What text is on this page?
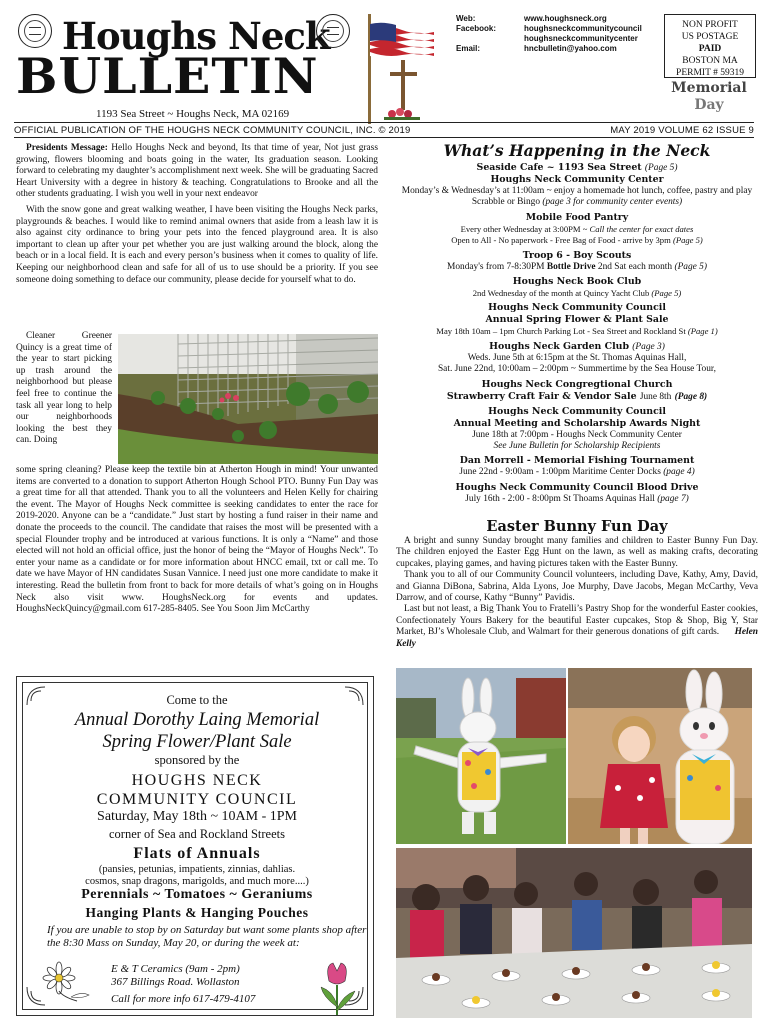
Houghs Neck
BULLETIN
1193 Sea Street ~ Houghs Neck, MA 02169
Web:
Facebook:
Email:
www.houghsneck.org
houghsneckcommunitycouncil
houghsneckcommunitycenter
hncbulletin@yahoo.com
NON PROFIT
US POSTAGE
PAID
BOSTON MA
PERMIT # 59319
Memorial
Day
OFFICIAL PUBLICATION OF THE HOUGHS NECK COMMUNITY COUNCIL, INC. © 2019	MAY 2019 VOLUME 62 ISSUE 9

Presidents Message: Hello Houghs Neck and beyond, Its that time of year, Not just grass growing, flowers blooming and boats going in the water, Its graduation season. Looking forward to celebrating my daughter’s accomplishment next week. She will be graduating Sacred Heart University with a degree in history & teaching. Congratulations to Brooke and all the other students graduating. I wish you well in your next endeavor

With the snow gone and great walking weather, I have been visiting the Houghs Neck parks, playgrounds & beaches. I would like to remind animal owners that aside from a leash law it is also against city ordinance to bring your pets into the fenced playground area. It is also important to clean up after your pet whether you are just walking around the block, along the beach or in a local field. It is each and every person’s business when it comes to quality of life. Keeping our neighborhood clean and safe for all of us to use should be a priority. If you see someone doing something to deface our community, please decide for yourself what to do.

Cleaner Greener Quincy is a great time of the year to start picking up trash around the neighborhood but please feel free to continue the task all year long to help our neighborhoods looking the best they can. Doing
some spring cleaning? Please keep the textile bin at Atherton Hough in mind! Your unwanted items are converted to a donation to support Atherton Hough School PTO. Bunny Fun Day was a great time for all that attended. Thank you to all the volunteers and Helen Kelly for chairing the event. The Mayor of Houghs Neck committee is seeking candidates to enter the race for 2019-2020. Anyone can be a “candidate.” Just start by hosting a fund raiser in their name and donate the proceeds to the council. The candidate that raises the most will be presented with a special Flounder trophy and be introduced at various functions. It is only a “Name” and those elected will not hold an official office, just the honor of being the “Mayor of Houghs Neck”. To enter your name as a candidate or for more information about HNCC email, txt or call me. To date we have Mayor of HN candidates Susan Vannice. I need just one more candidate to make it interesting. Read the bulletin from front to back for more details of what’s going on in Houghs Neck also visit www. HoughsNeck.org for events and updates. HoughsNeckQuincy@gmail.com 617-285-8405. See You Soon Jim McCarthy
Come to the
Annual Dorothy Laing Memorial
Spring Flower/Plant Sale
sponsored by the
HOUGHS NECK
COMMUNITY COUNCIL
Saturday, May 18th ~ 10AM - 1PM
corner of Sea and Rockland Streets
Flats of Annuals
(pansies, petunias, impatients, zinnias, dahlias.
cosmos, snap dragons, marigolds, and much more....)
Perennials ~ Tomatoes ~ Geraniums
Hanging Plants & Hanging Pouches
If you are unable to stop by on Saturday but want some plants shop after the 8:30 Mass on Sunday, May 20, or during the week at:
E & T Ceramics (9am - 2pm)
367 Billings Road. Wollaston
Call for more info 617-479-4107
What’s Happening in the Neck
Seaside Cafe ~ 1193 Sea Street (Page 5)
Houghs Neck Community Center
Monday’s & Wednesday’s at 11:00am ~ enjoy a homemade hot lunch, coffee, pastry and play Scrabble or Bingo (page 3 for community center events)
Mobile Food Pantry
Every other Wednesday at 3:00PM ~ Call the center for exact dates
Open to All - No paperwork - Free Bag of Food - arrive by 3pm (Page 5)
Troop 6 - Boy Scouts
Monday's from 7-8:30PM Bottle Drive 2nd Sat each month (Page 5)
Houghs Neck Book Club
2nd Wednesday of the month at Quincy Yacht Club (Page 5)
Houghs Neck Community Council
Annual Spring Flower & Plant Sale
May 18th 10am – 1pm Church Parking Lot - Sea Street and Rockland St (Page 1)
Houghs Neck Garden Club (Page 3)
Weds. June 5th at 6:15pm at the St. Thomas Aquinas Hall,
Sat. June 22nd, 10:00am – 2:00pm ~ Summertime by the Sea House Tour,
Houghs Neck Congregtional Church
Strawberry Craft Fair & Vendor Sale June 8th (Page 8)
Houghs Neck Community Council
Annual Meeting and Scholarship Awards Night
June 18th at 7:00pm - Houghs Neck Community Center
See June Bulletin for Scholarship Recipients
Dan Morrell - Memorial Fishing Tournament
June 22nd - 9:00am - 1:00pm Maritime Center Docks (page 4)
Houghs Neck Community Council Blood Drive
July 16th - 2:00 - 8:00pm St Thoams Aquinas Hall (page 7)
Easter Bunny Fun Day

A bright and sunny Sunday brought many families and children to Easter Bunny Fun Day. The children enjoyed the Easter Egg Hunt on the lawn, as well as making crafts, decorating cupcakes, playing games, and having pictures taken with the Easter Bunny.

Thank you to all of our Community Council volunteers, including Dave, Kathy, Amy, David, and Gianna DiBona, Sabrina, Alda Lyons, Joe Murphy, Dave Jacobs, Megan McCarthy, Veva Darrow, and of course, Kathy “Bunny” Pavidis.

Last but not least, a Big Thank You to Fratelli’s Pastry Shop for the wonderful Easter cookies, Confectionately Yours Bakery for the beautiful Easter cupcakes, Stop & Shop, Big Y, Star Market, BJ’s Wholesale Club, and Walmart for their generous donations of gift cards. Helen Kelly
